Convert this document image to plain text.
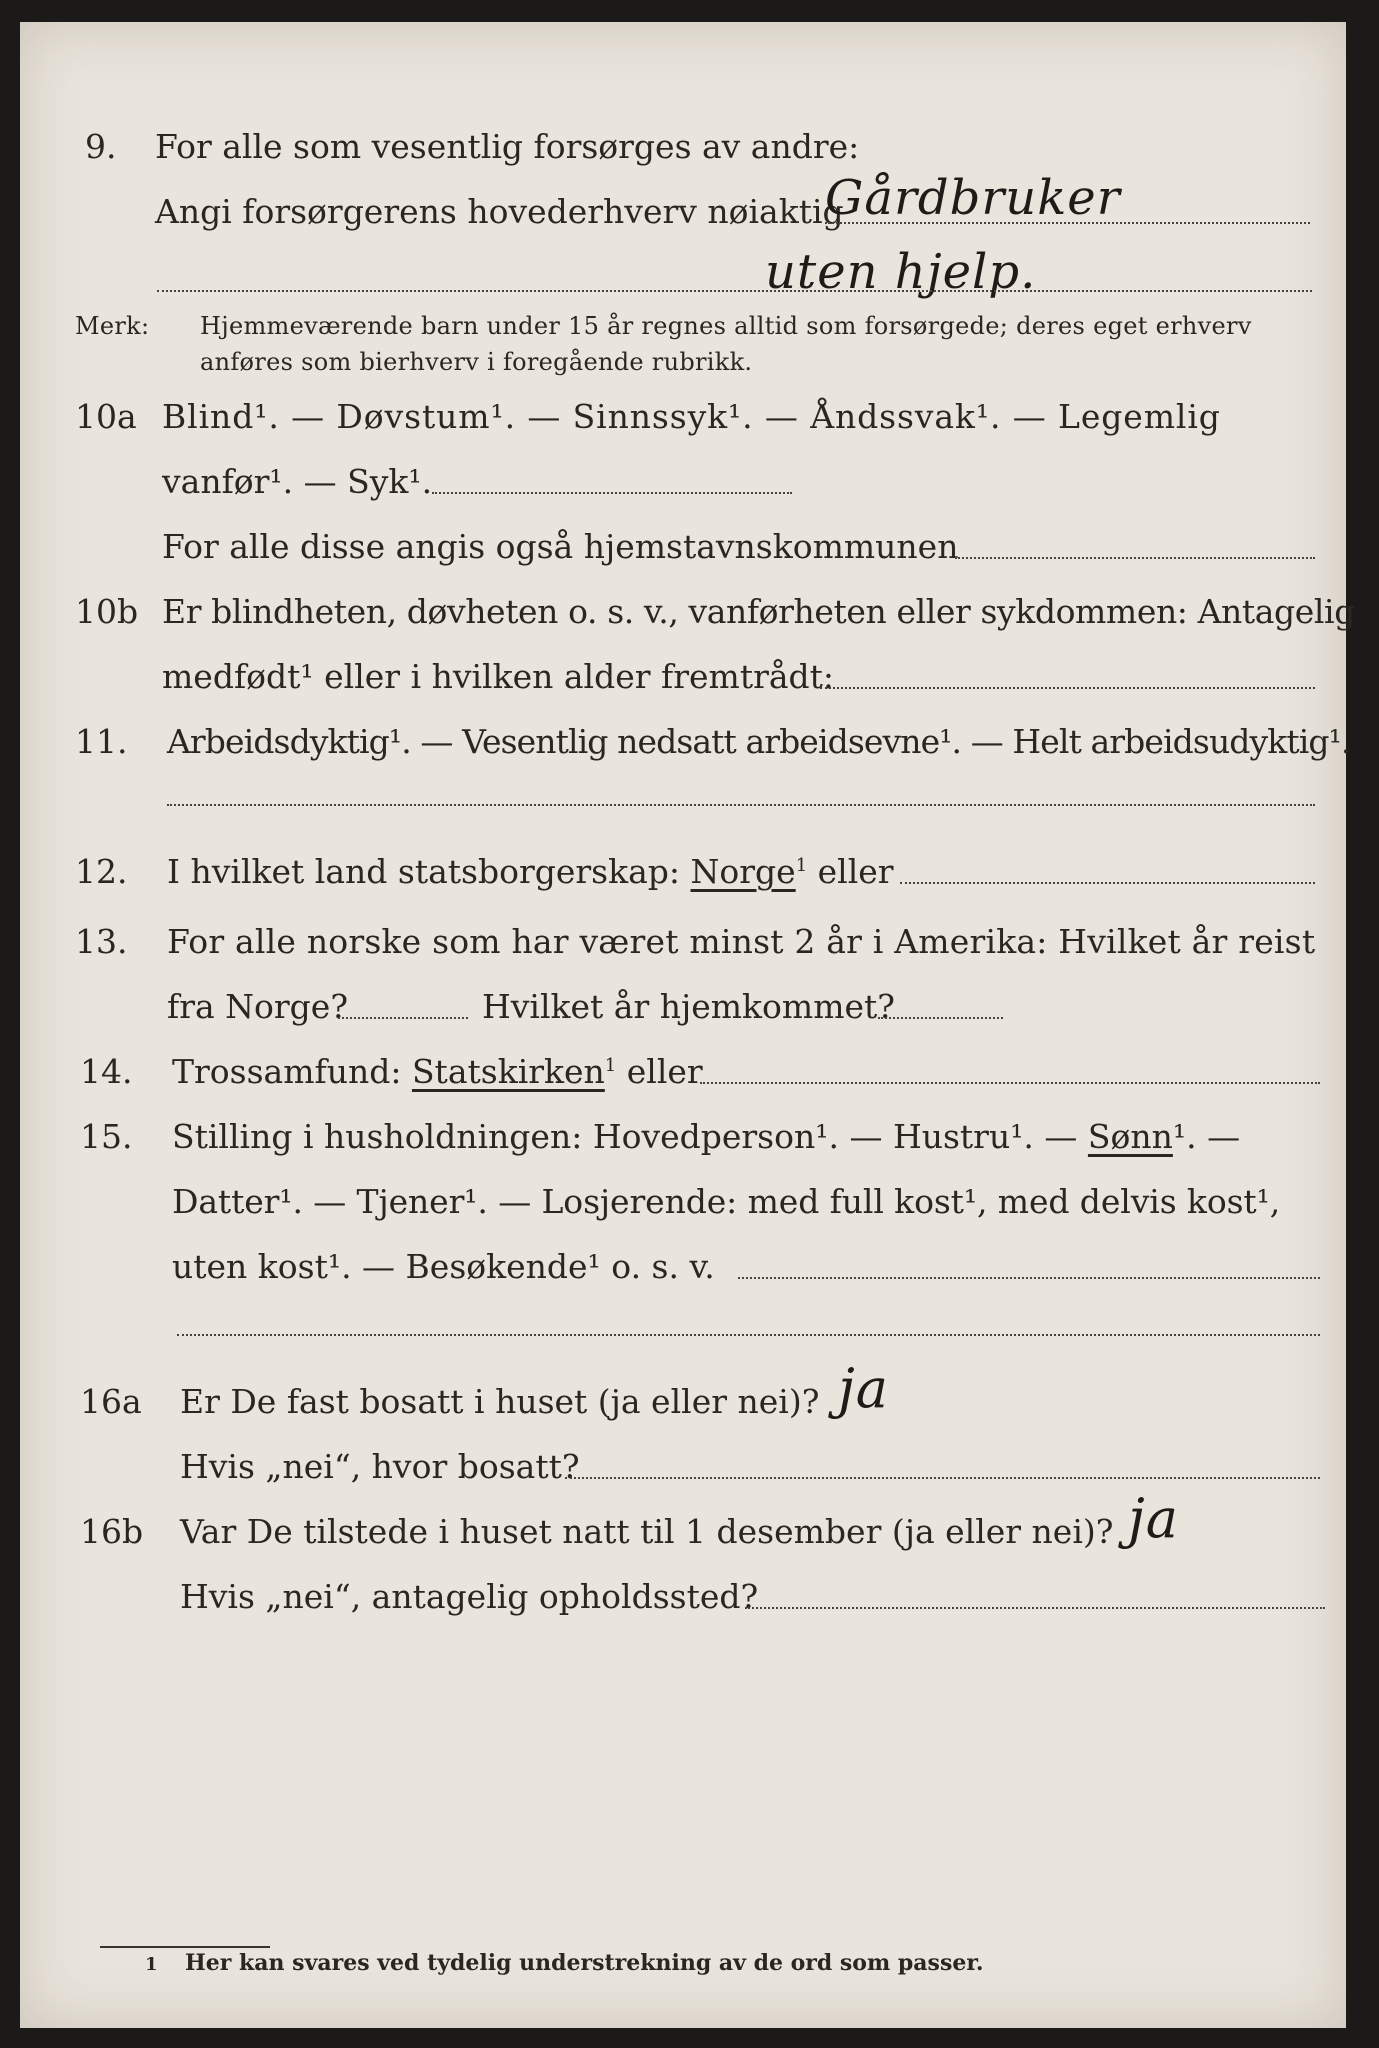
9. For alle som vesentlig forsørges av andre:
Angi forsørgerens hovederhverv nøiaktig
Gårdbruker
uten hjelp.
Merk: Hjemmeværende barn under 15 år regnes alltid som forsørgede; deres eget erhverv
anføres som bierhverv i foregående rubrikk.
10a Blind¹. — Døvstum¹. — Sinnssyk¹. — Åndssvak¹. — Legemlig
vanfør¹. — Syk¹.
For alle disse angis også hjemstavnskommunen
10b Er blindheten, døvheten o. s. v., vanførheten eller sykdommen: Antagelig
medfødt¹ eller i hvilken alder fremtrådt:
11. Arbeidsdyktig¹. — Vesentlig nedsatt arbeidsevne¹. — Helt arbeidsudyktig¹.
12. I hvilket land statsborgerskap: Norge$^1$ eller
13. For alle norske som har været minst 2 år i Amerika: Hvilket år reist
fra Norge?	Hvilket år hjemkommet?
14. Trossamfund: Statskirken$^1$ eller
15. Stilling i husholdningen: Hovedperson¹. — Hustru¹. — Sønn¹. —
Datter¹. — Tjener¹. — Losjerende: med full kost¹, med delvis kost¹,
uten kost¹. — Besøkende¹ o. s. v.
16a Er De fast bosatt i huset (ja eller nei)? ja
Hvis „nei“, hvor bosatt?
16b Var De tilstede i huset natt til 1 desember (ja eller nei)? ja
Hvis „nei“, antagelig opholdssted?
1 Her kan svares ved tydelig understrekning av de ord som passer.
